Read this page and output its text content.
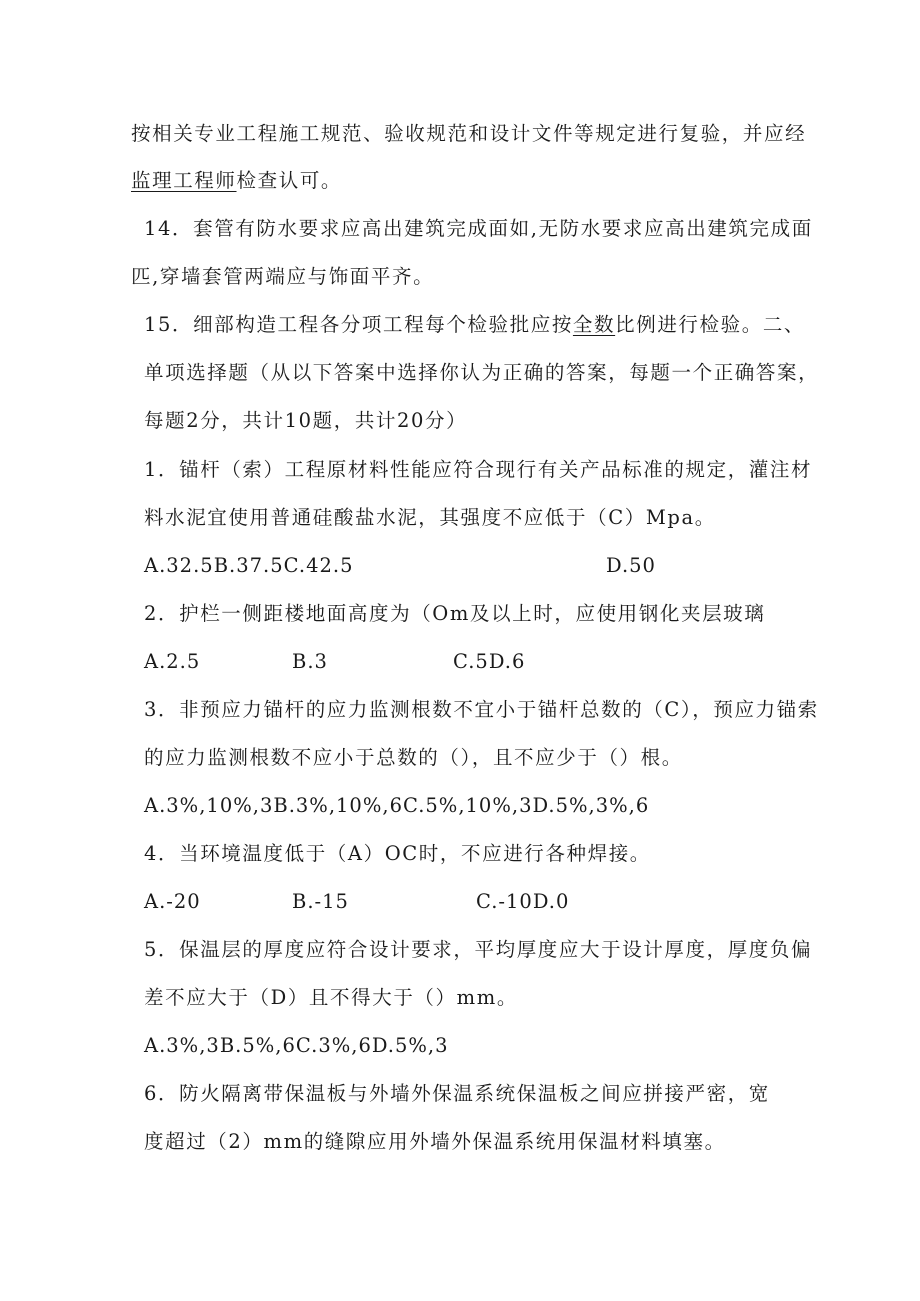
按相关专业工程施工规范、验收规范和设计文件等规定进行复验，并应经
监理工程师检查认可。
14．套管有防水要求应高出建筑完成面如,无防水要求应高出建筑完成面
匹,穿墙套管两端应与饰面平齐。
15．细部构造工程各分项工程每个检验批应按全数比例进行检验。二、
单项选择题（从以下答案中选择你认为正确的答案，每题一个正确答案，
每题2分，共计10题，共计20分）
1．锚杆（索）工程原材料性能应符合现行有关产品标准的规定，灌注材
料水泥宜使用普通硅酸盐水泥，其强度不应低于（C）Mpa。
A.32.5B.37.5C.42.5	D.50
2．护栏一侧距楼地面高度为（Om及以上时，应使用钢化夹层玻璃
A.2.5	B.3	C.5D.6
3．非预应力锚杆的应力监测根数不宜小于锚杆总数的（C），预应力锚索
的应力监测根数不应小于总数的（），且不应少于（）根。
A.3%,10%,3B.3%,10%,6C.5%,10%,3D.5%,3%,6
4．当环境温度低于（A）OC时，不应进行各种焊接。
A.-20	B.-15	C.-10D.0
5．保温层的厚度应符合设计要求，平均厚度应大于设计厚度，厚度负偏
差不应大于（D）且不得大于（）mm。
A.3%,3B.5%,6C.3%,6D.5%,3
6．防火隔离带保温板与外墙外保温系统保温板之间应拼接严密，宽
度超过（2）mm的缝隙应用外墙外保温系统用保温材料填塞。
